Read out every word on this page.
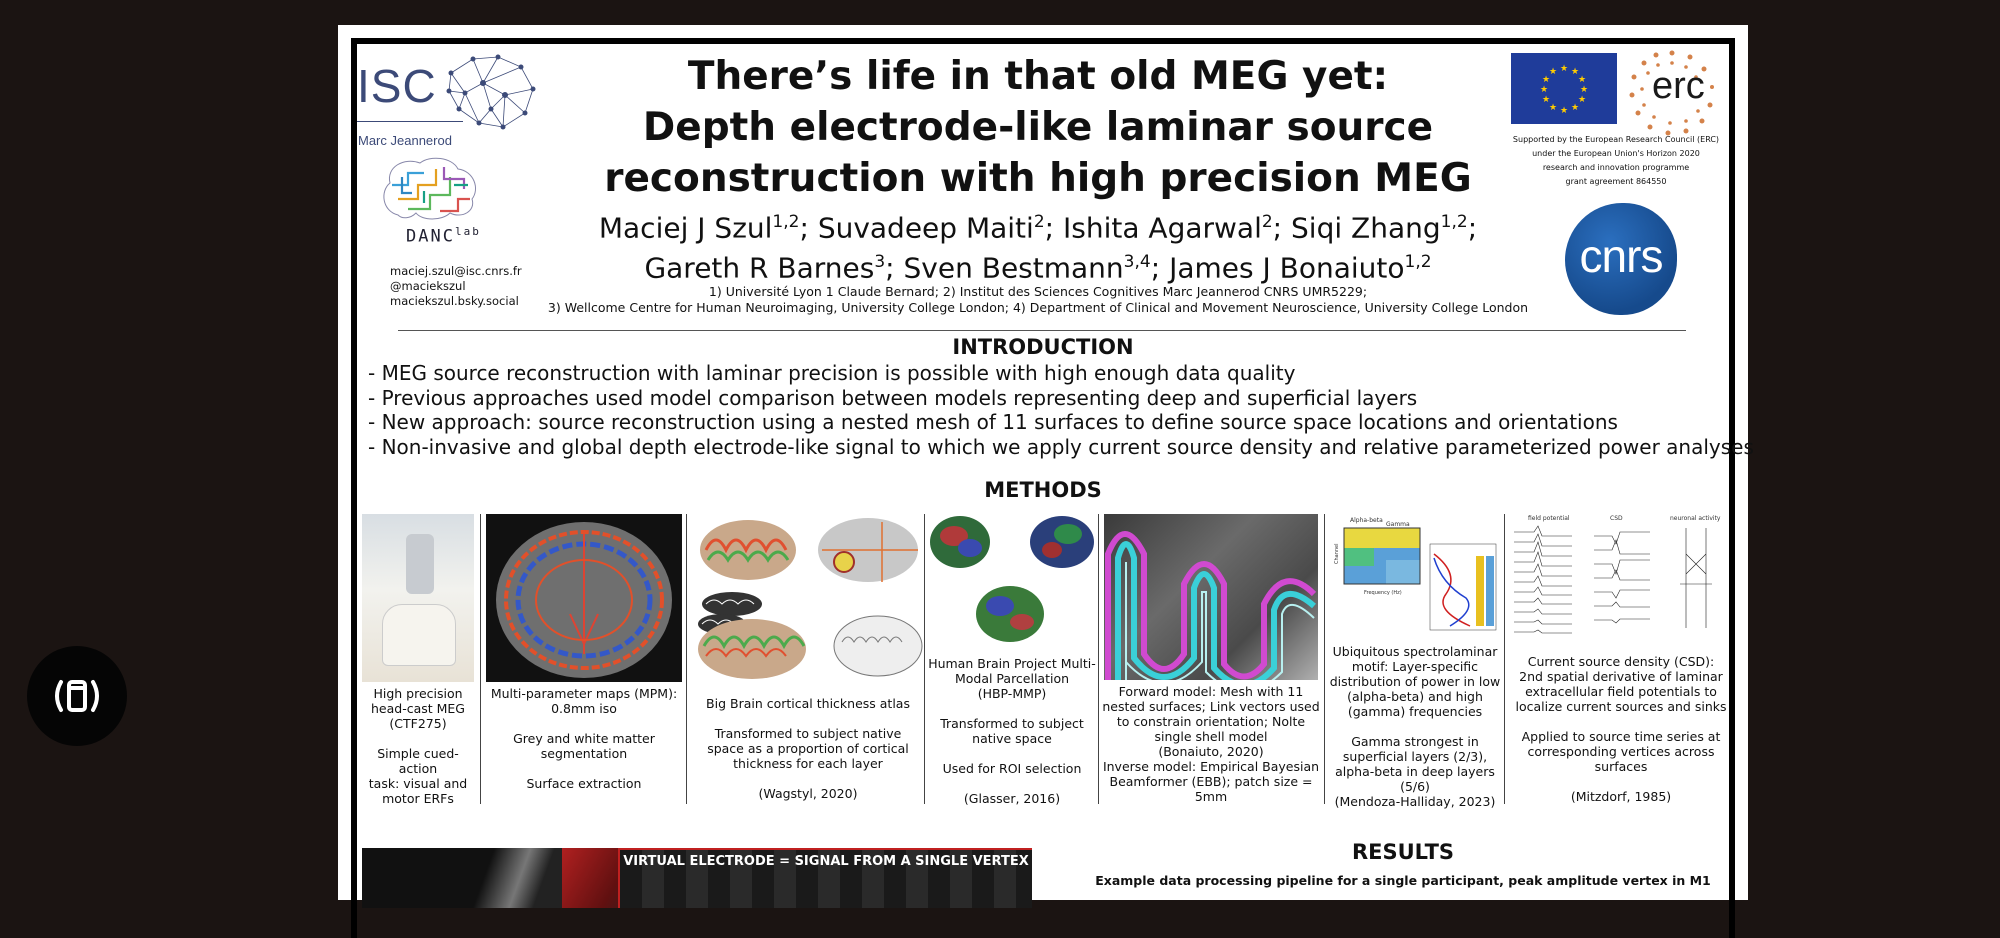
ISC
Marc Jeannerod
$DANC^{lab}$
maciej.szul@isc.cnrs.fr
@maciekszul
maciekszul.bsky.social
There’s life in that old MEG yet:
Depth electrode-like laminar source
reconstruction with high precision MEG
Maciej J Szul$^{1,2}$; Suvadeep Maiti$^2$; Ishita Agarwal$^2$; Siqi Zhang$^{1,2}$;
Gareth R Barnes$^3$; Sven Bestmann$^{3,4}$; James J Bonaiuto$^{1,2}$
1) Université Lyon 1 Claude Bernard; 2) Institut des Sciences Cognitives Marc Jeannerod CNRS UMR5229;
3) Wellcome Centre for Human Neuroimaging, University College London; 4) Department of Clinical and Movement Neuroscience, University College London
★ ★
★
★
★
★
★
★
★
★
★
★ erc
Supported by the European Research Council (ERC)
under the European Union's Horizon 2020
research and innovation programme
grant agreement 864550
cnrs
INTRODUCTION
- MEG source reconstruction with laminar precision is possible with high enough data quality
- Previous approaches used model comparison between models representing deep and superficial layers
- New approach: source reconstruction using a nested mesh of 11 surfaces to define source space locations and orientations
- Non-invasive and global depth electrode-like signal to which we apply current source density and relative parameterized power analyses
METHODS
High precision
head-cast MEG
(CTF275)

Simple cued-action
task: visual and
motor ERFs
Multi-parameter maps (MPM):
0.8mm iso

Grey and white matter
segmentation

Surface extraction
Big Brain cortical thickness atlas

Transformed to subject native
space as a proportion of cortical
thickness for each layer

(Wagstyl, 2020)
Human Brain Project Multi-
Modal Parcellation
(HBP-MMP)

Transformed to subject
native space

Used for ROI selection

(Glasser, 2016)
Forward model: Mesh with 11
nested surfaces; Link vectors used
to constrain orientation; Nolte
single shell model
(Bonaiuto, 2020)
Inverse model: Empirical Bayesian
Beamformer (EBB); patch size =
5mm
Alpha-beta
Gamma
Channel
Frequency (Hz)
Ubiquitous spectrolaminar
motif: Layer-specific
distribution of power in low
(alpha-beta) and high
(gamma) frequencies

Gamma strongest in
superficial layers (2/3),
alpha-beta in deep layers
(5/6)
(Mendoza-Halliday, 2023)
field potential	CSD	neuronal activity
Current source density (CSD):
2nd spatial derivative of laminar
extracellular field potentials to
localize current sources and sinks

Applied to source time series at
corresponding vertices across
surfaces

(Mitzdorf, 1985)
VIRTUAL ELECTRODE = SIGNAL FROM A SINGLE VERTEX	RESULTS
Example data processing pipeline for a single participant, peak amplitude vertex in M1
